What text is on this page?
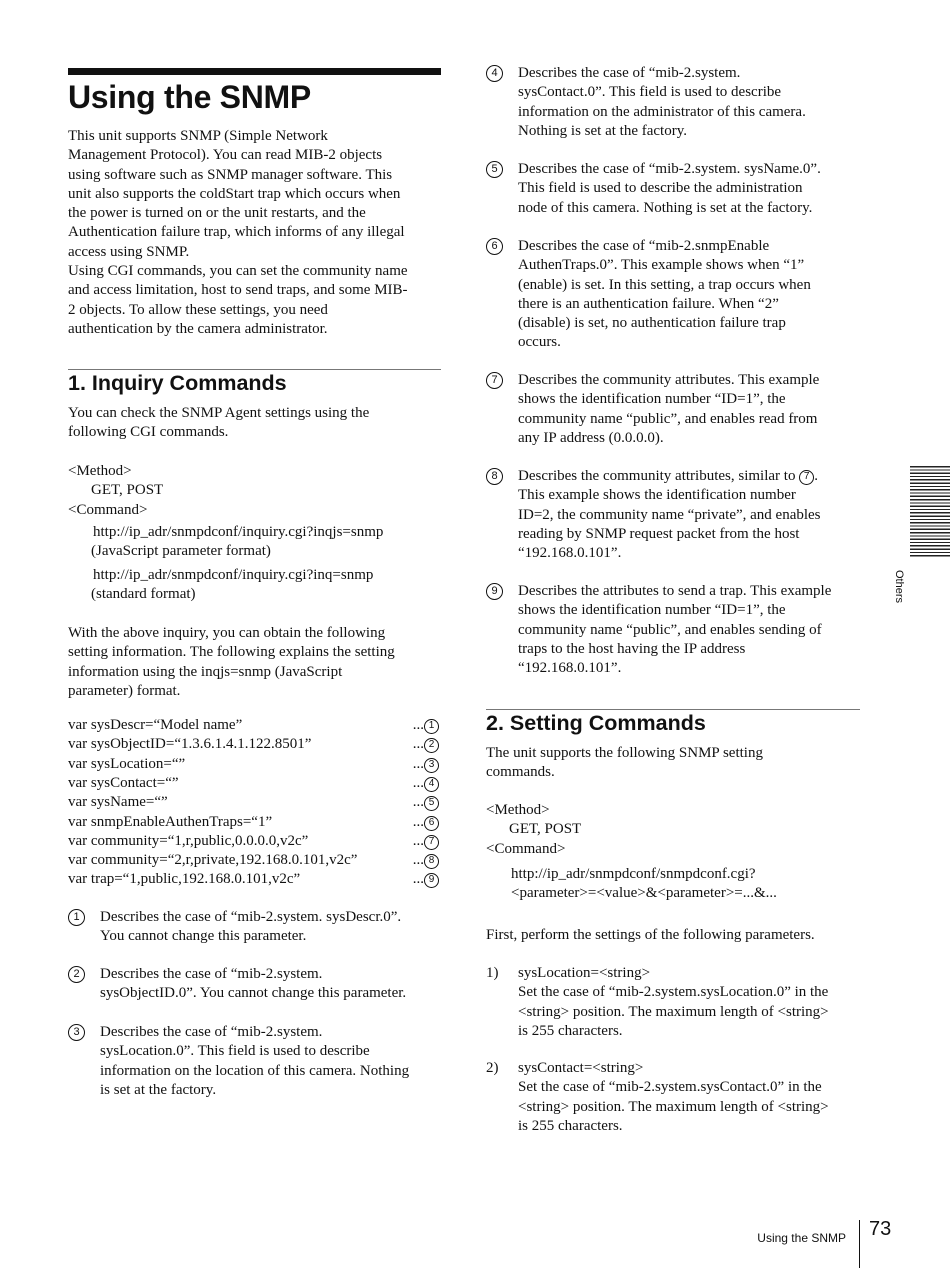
Using the SNMP
This unit supports SNMP (Simple Network
Management Protocol). You can read MIB-2 objects
using software such as SNMP manager software. This
unit also supports the coldStart trap which occurs when
the power is turned on or the unit restarts, and the
Authentication failure trap, which informs of any illegal
access using SNMP.
Using CGI commands, you can set the community name
and access limitation, host to send traps, and some MIB-
2 objects. To allow these settings, you need
authentication by the camera administrator.
1. Inquiry Commands
You can check the SNMP Agent settings using the
following CGI commands.
<Method>
GET, POST
<Command>
http://ip_adr/snmpdconf/inquiry.cgi?inqjs=snmp
(JavaScript parameter format)
http://ip_adr/snmpdconf/inquiry.cgi?inq=snmp
(standard format)
With the above inquiry, you can obtain the following
setting information. The following explains the setting
information using the inqjs=snmp (JavaScript
parameter) format.
var sysDescr=“Model name”	... 1
var sysObjectID=“1.3.6.1.4.1.122.8501”	... 2
var sysLocation=“”	... 3
var sysContact=“”	... 4
var sysName=“”	... 5
var snmpEnableAuthenTraps=“1”	... 6
var community=“1,r,public,0.0.0.0,v2c”	... 7
var community=“2,r,private,192.168.0.101,v2c”	... 8
var trap=“1,public,192.168.0.101,v2c”	... 9
1	Describes the case of “mib-2.system. sysDescr.0”.
You cannot change this parameter.
2	Describes the case of “mib-2.system.
sysObjectID.0”. You cannot change this parameter.
3	Describes the case of “mib-2.system.
sysLocation.0”. This field is used to describe
information on the location of this camera. Nothing
is set at the factory.
4	Describes the case of “mib-2.system.
sysContact.0”. This field is used to describe
information on the administrator of this camera.
Nothing is set at the factory.
5	Describes the case of “mib-2.system. sysName.0”.
This field is used to describe the administration
node of this camera. Nothing is set at the factory.
6	Describes the case of “mib-2.snmpEnable
AuthenTraps.0”. This example shows when “1”
(enable) is set. In this setting, a trap occurs when
there is an authentication failure. When “2”
(disable) is set, no authentication failure trap
occurs.
7	Describes the community attributes. This example
shows the identification number “ID=1”, the
community name “public”, and enables read from
any IP address (0.0.0.0).
8	Describes the community attributes, similar to 7 .
This example shows the identification number
ID=2, the community name “private”, and enables
reading by SNMP request packet from the host
“192.168.0.101”.
9	Describes the attributes to send a trap. This example
shows the identification number “ID=1”, the
community name “public”, and enables sending of
traps to the host having the IP address
“192.168.0.101”.
2. Setting Commands
The unit supports the following SNMP setting
commands.
<Method>
GET, POST
<Command>
http://ip_adr/snmpdconf/snmpdconf.cgi?
<parameter>=<value>&<parameter>=...&...
First, perform the settings of the following parameters.
1) sysLocation=<string>
Set the case of “mib-2.system.sysLocation.0” in the
<string> position. The maximum length of <string>
is 255 characters.
2) sysContact=<string>
Set the case of “mib-2.system.sysContact.0” in the
<string> position. The maximum length of <string>
is 255 characters.
Others
Using the SNMP 73
